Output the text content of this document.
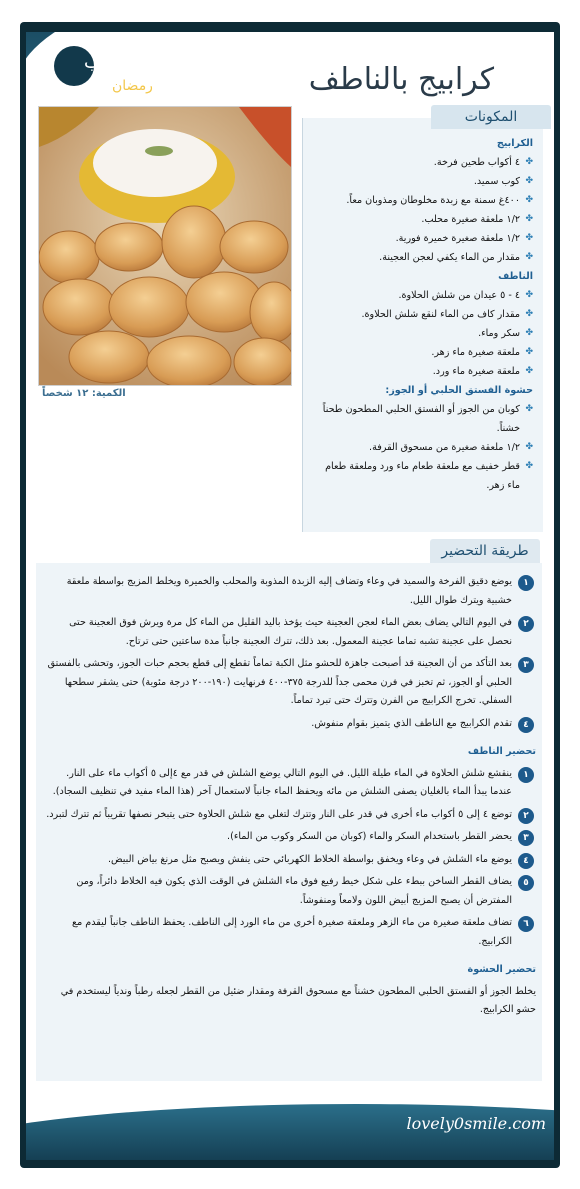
أطايب
رمضان	كرابيج بالناطف
الكمية: ١٢ شخصاً
المكونات
الكرابيج
✤ ٤ أكواب طحين فرخة.
✤ كوب سميد.
✤ ٤٠٠غ سمنة مع زبدة مخلوطان ومذوبان معاً.
✤ ١/٢ ملعقة صغيرة محلب.
✤ ١/٢ ملعقة صغيرة خميرة فورية.
✤ مقدار من الماء يكفي لعجن العجينة.
الناطف
✤ ٤ - ٥ عيدان من شلش الحلاوة.
✤ مقدار كاف من الماء لنقع شلش الحلاوة.
✤ سكر وماء.
✤ ملعقة صغيرة ماء زهر.
✤ ملعقة صغيرة ماء ورد.
حشوة الفستق الحلبي أو الجوز:
✤ كوبان من الجوز أو الفستق الحلبي المطحون طحناً خشناً.
✤ ١/٢ ملعقة صغيرة من مسحوق القرفة.
✤ قطر خفيف مع ملعقة طعام ماء ورد وملعقة طعام ماء زهر.
طريقة التحضير
١
يوضع دقيق الفرخة والسميد في وعاء وتضاف إليه الزبدة المذوبة والمحلب والخميرة ويخلط المزيج بواسطة ملعقة خشبية ويترك طوال الليل.
٢
في اليوم التالي يضاف بعض الماء لعجن العجينة حيث يؤخذ باليد القليل من الماء كل مرة ويرش فوق العجينة حتى نحصل على عجينة تشبه تماما عجينة المعمول. بعد ذلك، تترك العجينة جانباً مدة ساعتين حتى ترتاح.
٣
بعد التأكد من أن العجينة قد أصبحت جاهزة للحشو مثل الكبة تماماً تقطع إلى قطع بحجم حبات الجوز، وتحشى بالفستق الحلبي أو الجوز، ثم تخبز في فرن محمى جداً للدرجة ٣٧٥-٤٠٠ فرنهايت (١٩٠-٢٠٠ درجة مئوية) حتى يشقر سطحها السفلي. تخرج الكرابيج من الفرن وتترك حتى تبرد تماماً.
٤
تقدم الكرابيج مع الناطف الذي يتميز بقوام منفوش.
تحضير الناطف
١
ينقشع شلش الحلاوة في الماء طيلة الليل. في اليوم التالي يوضع الشلش في قدر مع ٤إلى ٥ أكواب ماء على النار. عندما يبدأ الماء بالغليان يصفى الشلش من مائه ويحفظ الماء جانباً لاستعمال آخر (هذا الماء مفيد في تنظيف السجاد).
٢
توضع ٤ إلى ٥ أكواب ماء أخرى في قدر على النار وتترك لتغلي مع شلش الحلاوة حتى يتبخر نصفها تقريباً ثم تترك لتبرد.
٣
يحضر القطر باستخدام السكر والماء (كوبان من السكر وكوب من الماء).
٤
يوضع ماء الشلش في وعاء ويخفق بواسطة الخلاط الكهربائي حتى ينفش ويصبح مثل مرنغ بياض البيض.
٥
يضاف القطر الساخن ببطء على شكل خيط رفيع فوق ماء الشلش في الوقت الذي يكون فيه الخلاط دائراً، ومن المفترض أن يصبح المزيج أبيض اللون ولامعاً ومنفوشاً.
٦
تضاف ملعقة صغيرة من ماء الزهر وملعقة صغيرة أخرى من ماء الورد إلى الناطف. يحفظ الناطف جانباً ليقدم مع الكرابيج.
تحضير الحشوة
يخلط الجوز أو الفستق الحلبي المطحون خشناً مع مسحوق القرفة ومقدار ضئيل من القطر لجعله رطباً وندياً ليستخدم في حشو الكرابيج.
lovely0smile.com
